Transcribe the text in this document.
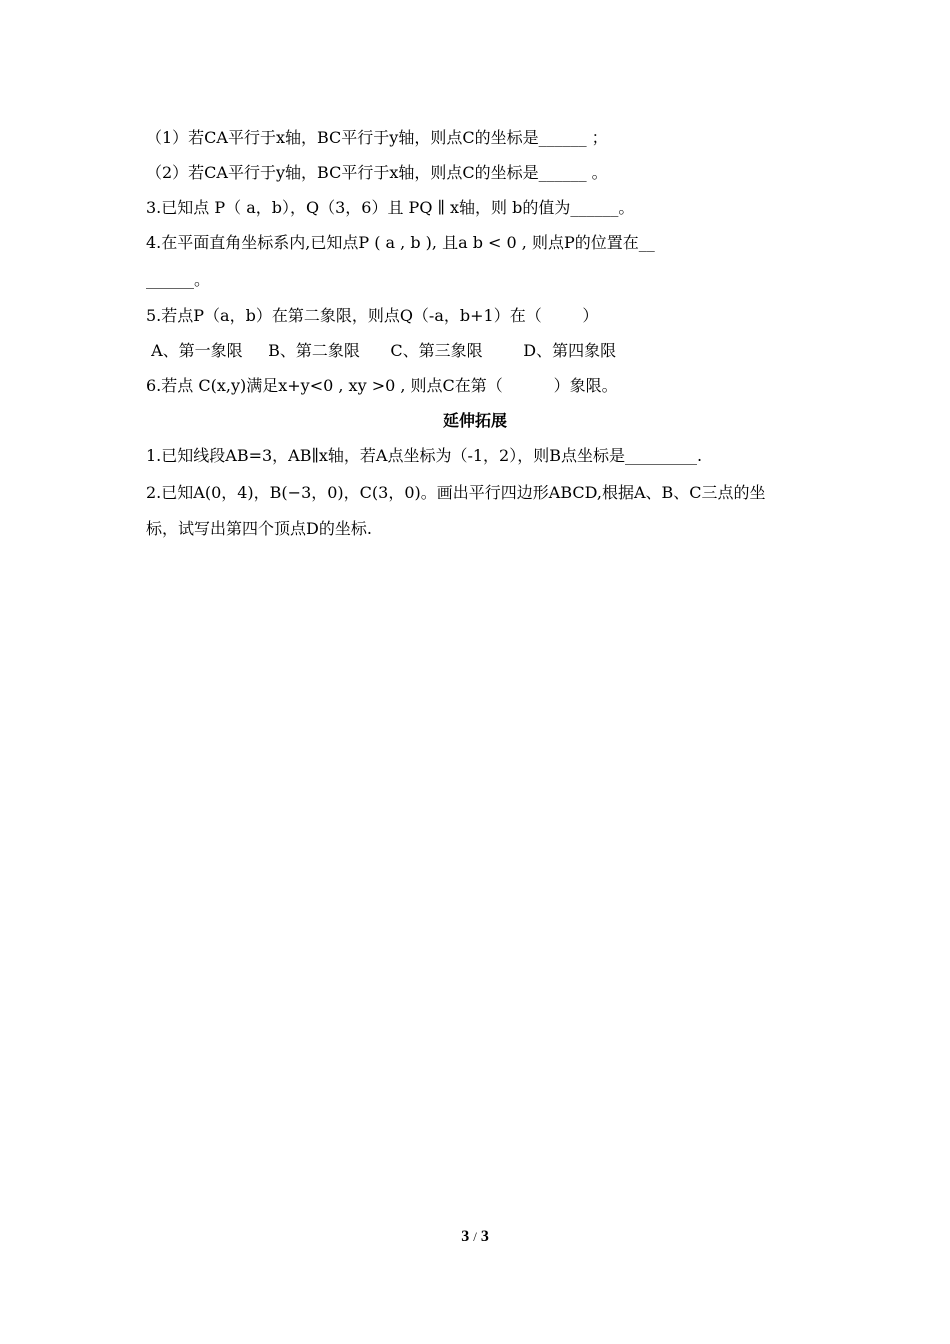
（1）若CA平行于x轴，BC平行于y轴，则点C的坐标是______ ；
（2）若CA平行于y轴，BC平行于x轴，则点C的坐标是______ 。
3.已知点 P（ a，b），Q（3，6）且 PQ ∥ x轴，则 b的值为______。
4.在平面直角坐标系内,已知点P ( a , b ), 且a b < 0 , 则点P的位置在__
______。
5.若点P（a，b）在第二象限，则点Q（-a，b+1）在（        ）
A、第一象限     B、第二象限      C、第三象限        D、第四象限
6.若点 C(x,y)满足x+y<0 , xy >0 , 则点C在第（          ）象限。
延伸拓展
1.已知线段AB=3，AB∥x轴，若A点坐标为（-1，2），则B点坐标是_________.
2.已知A(0，4)，B(−3，0)，C(3，0)。画出平行四边形ABCD,根据A、B、C三点的坐
标，试写出第四个顶点D的坐标.
3 / 3
